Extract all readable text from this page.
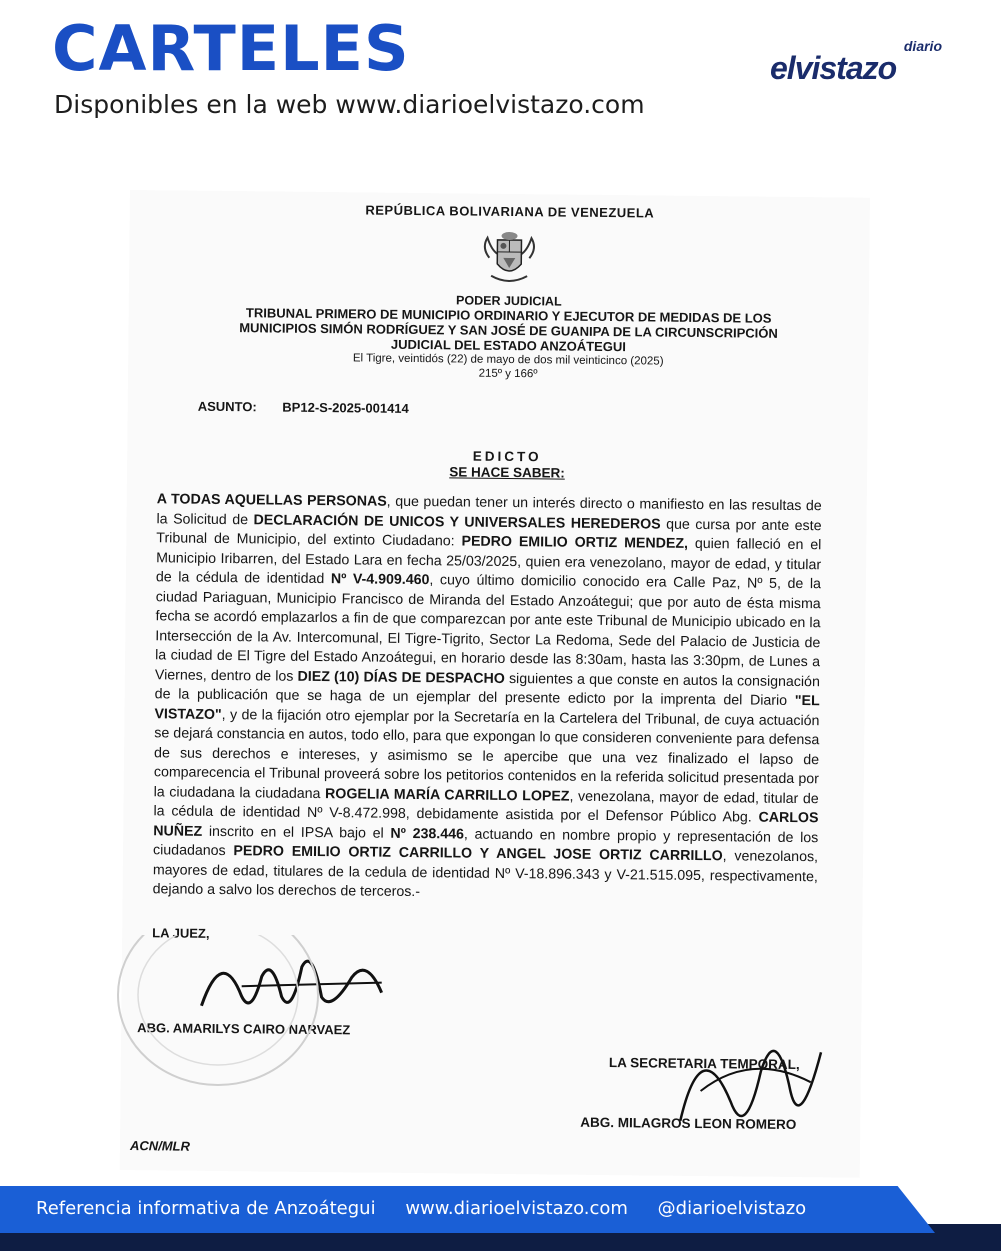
CARTELES

Disponibles en la web www.diarioelvistazo.com

diario
elvistazo
REPÚBLICA BOLIVARIANA DE VENEZUELA
PODER JUDICIAL
TRIBUNAL PRIMERO DE MUNICIPIO ORDINARIO Y EJECUTOR DE MEDIDAS DE LOS MUNICIPIOS SIMÓN RODRÍGUEZ Y SAN JOSÉ DE GUANIPA DE LA CIRCUNSCRIPCIÓN JUDICIAL DEL ESTADO ANZOÁTEGUI
El Tigre, veintidós (22) de mayo de dos mil veinticinco (2025)
215º y 166º
ASUNTO: BP12-S-2025-001414
EDICTO
SE HACE SABER:
A TODAS AQUELLAS PERSONAS, que puedan tener un interés directo o manifiesto en las resultas de la Solicitud de DECLARACIÓN DE UNICOS Y UNIVERSALES HEREDEROS que cursa por ante este Tribunal de Municipio, del extinto Ciudadano: PEDRO EMILIO ORTIZ MENDEZ, quien falleció en el Municipio Iribarren, del Estado Lara en fecha 25/03/2025, quien era venezolano, mayor de edad, y titular de la cédula de identidad Nº V-4.909.460, cuyo último domicilio conocido era Calle Paz, Nº 5, de la ciudad Pariaguan, Municipio Francisco de Miranda del Estado Anzoátegui; que por auto de ésta misma fecha se acordó emplazarlos a fin de que comparezcan por ante este Tribunal de Municipio ubicado en la Intersección de la Av. Intercomunal, El Tigre-Tigrito, Sector La Redoma, Sede del Palacio de Justicia de la ciudad de El Tigre del Estado Anzoátegui, en horario desde las 8:30am, hasta las 3:30pm, de Lunes a Viernes, dentro de los DIEZ (10) DÍAS DE DESPACHO siguientes a que conste en autos la consignación de la publicación que se haga de un ejemplar del presente edicto por la imprenta del Diario "EL VISTAZO", y de la fijación otro ejemplar por la Secretaría en la Cartelera del Tribunal, de cuya actuación se dejará constancia en autos, todo ello, para que expongan lo que consideren conveniente para defensa de sus derechos e intereses, y asimismo se le apercibe que una vez finalizado el lapso de comparecencia el Tribunal proveerá sobre los petitorios contenidos en la referida solicitud presentada por la ciudadana la ciudadana ROGELIA MARÍA CARRILLO LOPEZ, venezolana, mayor de edad, titular de la cédula de identidad Nº V-8.472.998, debidamente asistida por el Defensor Público Abg. CARLOS NUÑEZ inscrito en el IPSA bajo el Nº 238.446, actuando en nombre propio y representación de los ciudadanos PEDRO EMILIO ORTIZ CARRILLO Y ANGEL JOSE ORTIZ CARRILLO, venezolanos, mayores de edad, titulares de la cedula de identidad Nº V-18.896.343 y V-21.515.095, respectivamente, dejando a salvo los derechos de terceros.-
LA JUEZ,
ABG. AMARILYS CAIRO NARVAEZ
LA SECRETARIA TEMPORAL,
ABG. MILAGROS LEON ROMERO
ACN/MLR
Referencia informativa de Anzoátegui www.diarioelvistazo.com @diarioelvistazo
